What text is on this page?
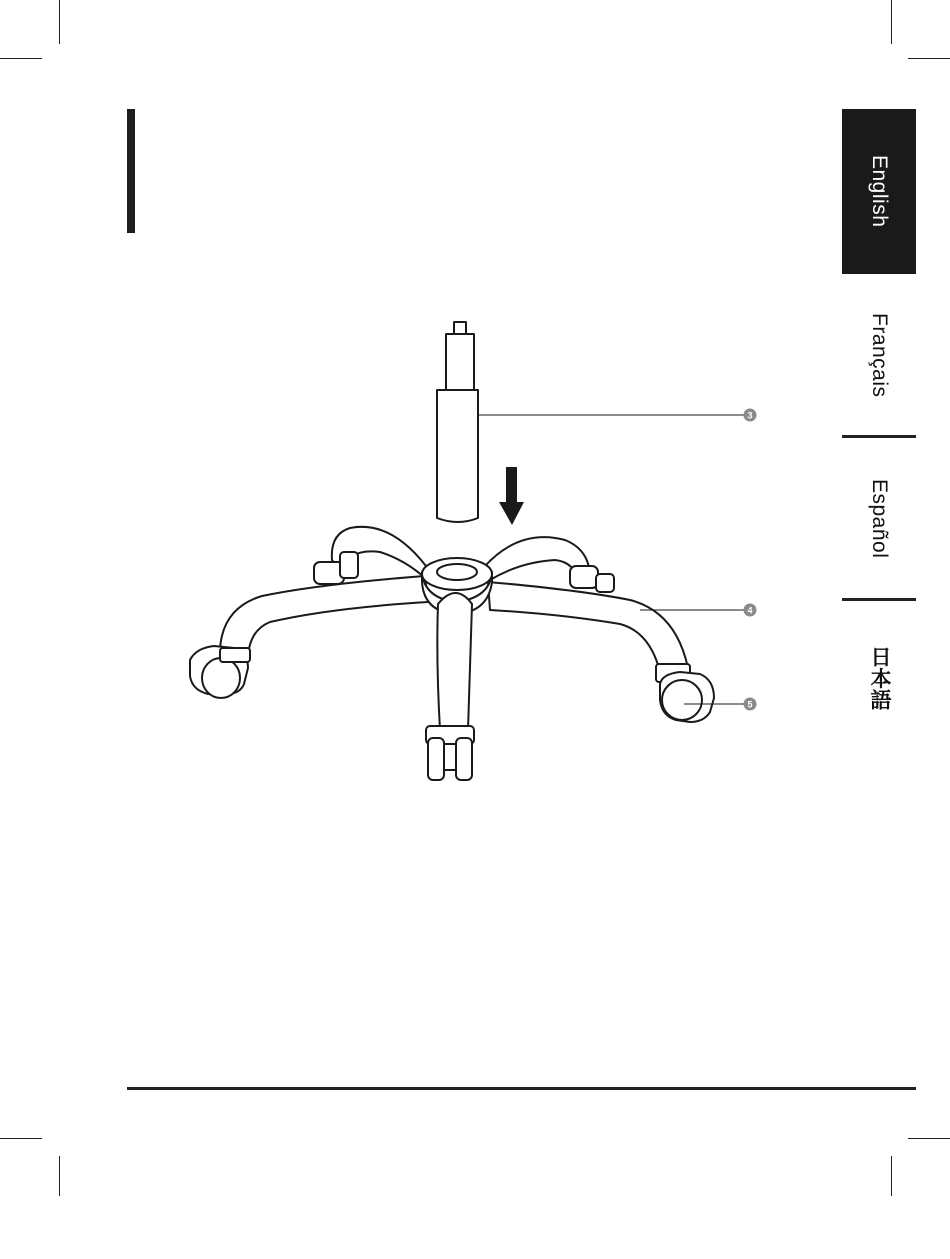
English
Français
Español
日本語
3
4
5
